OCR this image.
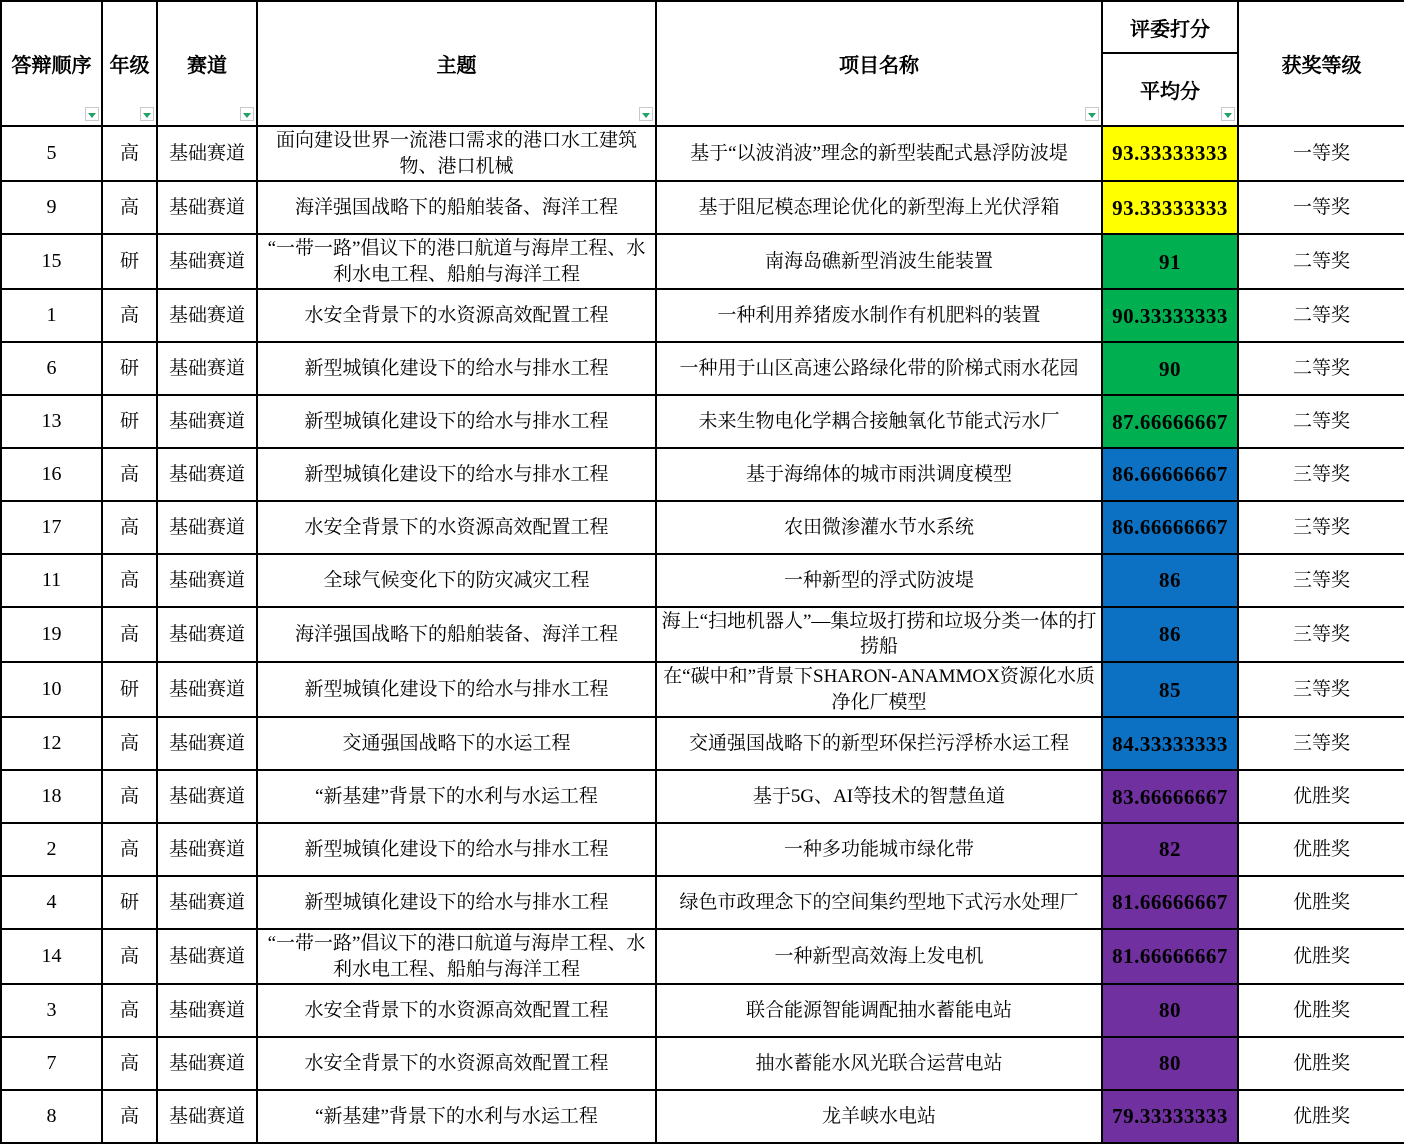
答辩顺序	年级	赛道	主题	项目名称	评委打分	获奖等级
					平均分	

5	高	基础赛道	面向建设世界一流港口需求的港口水工建筑物、港口机械	基于“以波消波”理念的新型装配式悬浮防波堤	93.33333333	一等奖
9	高	基础赛道	海洋强国战略下的船舶装备、海洋工程	基于阻尼模态理论优化的新型海上光伏浮箱	93.33333333	一等奖
15	研	基础赛道	“一带一路”倡议下的港口航道与海岸工程、水利水电工程、船舶与海洋工程	南海岛礁新型消波生能装置	91	二等奖
1	高	基础赛道	水安全背景下的水资源高效配置工程	一种利用养猪废水制作有机肥料的装置	90.33333333	二等奖
6	研	基础赛道	新型城镇化建设下的给水与排水工程	一种用于山区高速公路绿化带的阶梯式雨水花园	90	二等奖
13	研	基础赛道	新型城镇化建设下的给水与排水工程	未来生物电化学耦合接触氧化节能式污水厂	87.66666667	二等奖
16	高	基础赛道	新型城镇化建设下的给水与排水工程	基于海绵体的城市雨洪调度模型	86.66666667	三等奖
17	高	基础赛道	水安全背景下的水资源高效配置工程	农田微渗灌水节水系统	86.66666667	三等奖
11	高	基础赛道	全球气候变化下的防灾减灾工程	一种新型的浮式防波堤	86	三等奖
19	高	基础赛道	海洋强国战略下的船舶装备、海洋工程	海上“扫地机器人”—集垃圾打捞和垃圾分类一体的打捞船	86	三等奖
10	研	基础赛道	新型城镇化建设下的给水与排水工程	在“碳中和”背景下SHARON-ANAMMOX资源化水质净化厂模型	85	三等奖
12	高	基础赛道	交通强国战略下的水运工程	交通强国战略下的新型环保拦污浮桥水运工程	84.33333333	三等奖
18	高	基础赛道	“新基建”背景下的水利与水运工程	基于5G、AI等技术的智慧鱼道	83.66666667	优胜奖
2	高	基础赛道	新型城镇化建设下的给水与排水工程	一种多功能城市绿化带	82	优胜奖
4	研	基础赛道	新型城镇化建设下的给水与排水工程	绿色市政理念下的空间集约型地下式污水处理厂	81.66666667	优胜奖
14	高	基础赛道	“一带一路”倡议下的港口航道与海岸工程、水利水电工程、船舶与海洋工程	一种新型高效海上发电机	81.66666667	优胜奖
3	高	基础赛道	水安全背景下的水资源高效配置工程	联合能源智能调配抽水蓄能电站	80	优胜奖
7	高	基础赛道	水安全背景下的水资源高效配置工程	抽水蓄能水风光联合运营电站	80	优胜奖
8	高	基础赛道	“新基建”背景下的水利与水运工程	龙羊峡水电站	79.33333333	优胜奖
